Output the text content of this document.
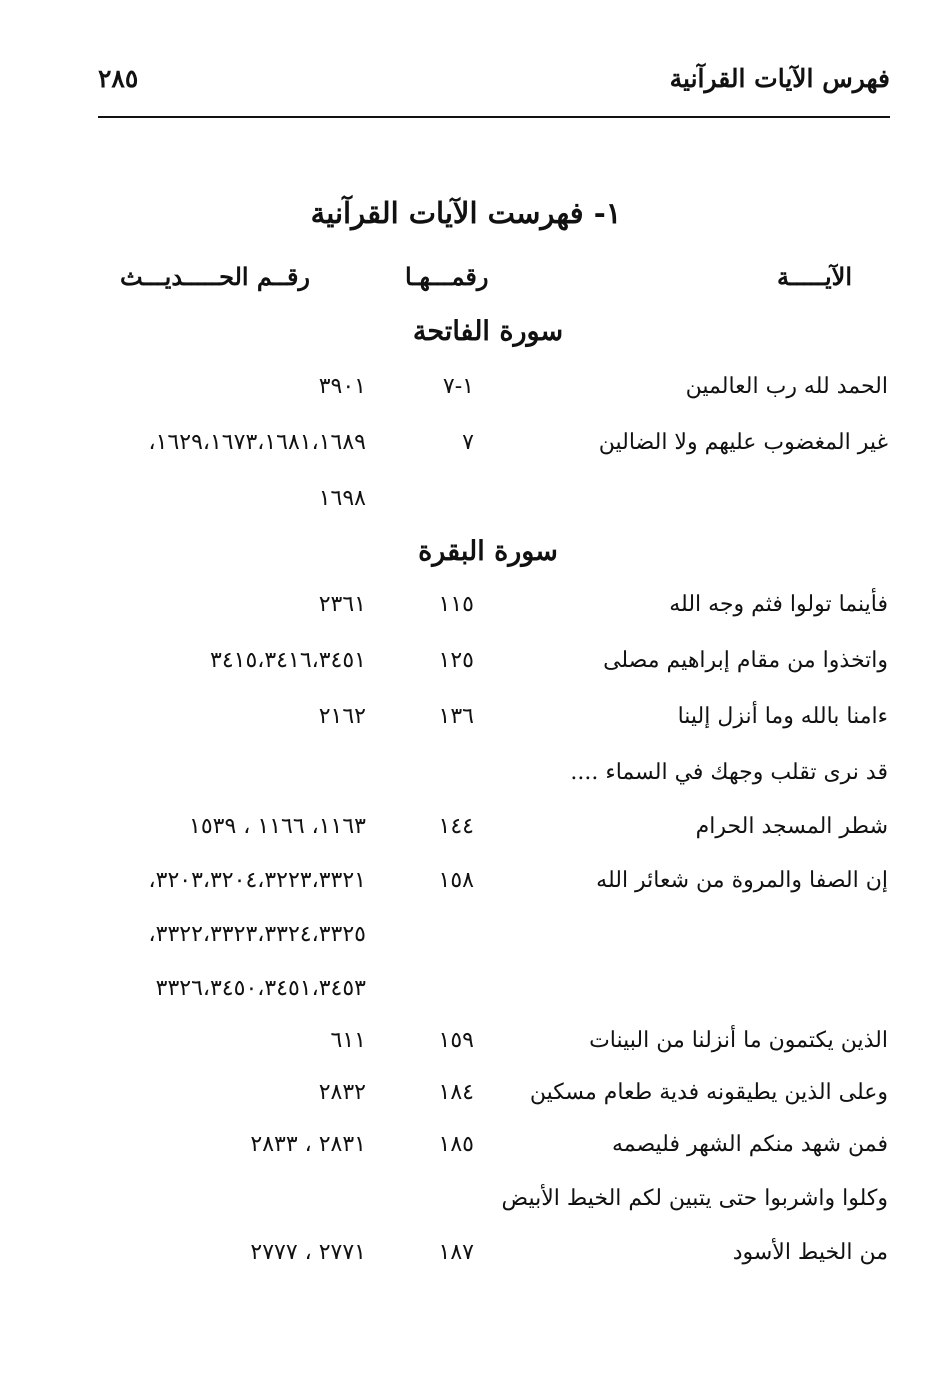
فهرس الآيات القرآنية
٢٨٥
١- فهرست الآيات القرآنية
الآيـــــة
رقمـــهـا
رقــم الحـــــديـــث
سورة الفاتحة
الحمد لله رب العالمين
١-٧
٣٩٠١
غير المغضوب عليهم ولا الضالين
٧
١٦٢٩،١٦٧٣،١٦٨١،١٦٨٩،
١٦٩٨
سورة البقرة
فأينما تولوا فثم وجه الله
١١٥
٢٣٦١
واتخذوا من مقام إبراهيم مصلى
١٢٥
٣٤١٥،٣٤١٦،٣٤٥١
ءامنا بالله وما أنزل إلينا
١٣٦
٢١٦٢
قد نرى تقلب وجهك في السماء ....
شطر المسجد الحرام
١٤٤
١١٦٣، ١١٦٦ ، ١٥٣٩
إن الصفا والمروة من شعائر الله
١٥٨
٣٢٠٣،٣٢٠٤،٣٢٢٣،٣٣٢١،
٣٣٢٢،٣٣٢٣،٣٣٢٤،٣٣٢٥،
٣٣٢٦،٣٤٥٠،٣٤٥١،٣٤٥٣
الذين يكتمون ما أنزلنا من البينات
١٥٩
٦١١
وعلى الذين يطيقونه فدية طعام مسكين
١٨٤
٢٨٣٢
فمن شهد منكم الشهر فليصمه
١٨٥
٢٨٣١ ، ٢٨٣٣
وكلوا واشربوا حتى يتبين لكم الخيط الأبيض
من الخيط الأسود
١٨٧
٢٧٧١ ، ٢٧٧٧
